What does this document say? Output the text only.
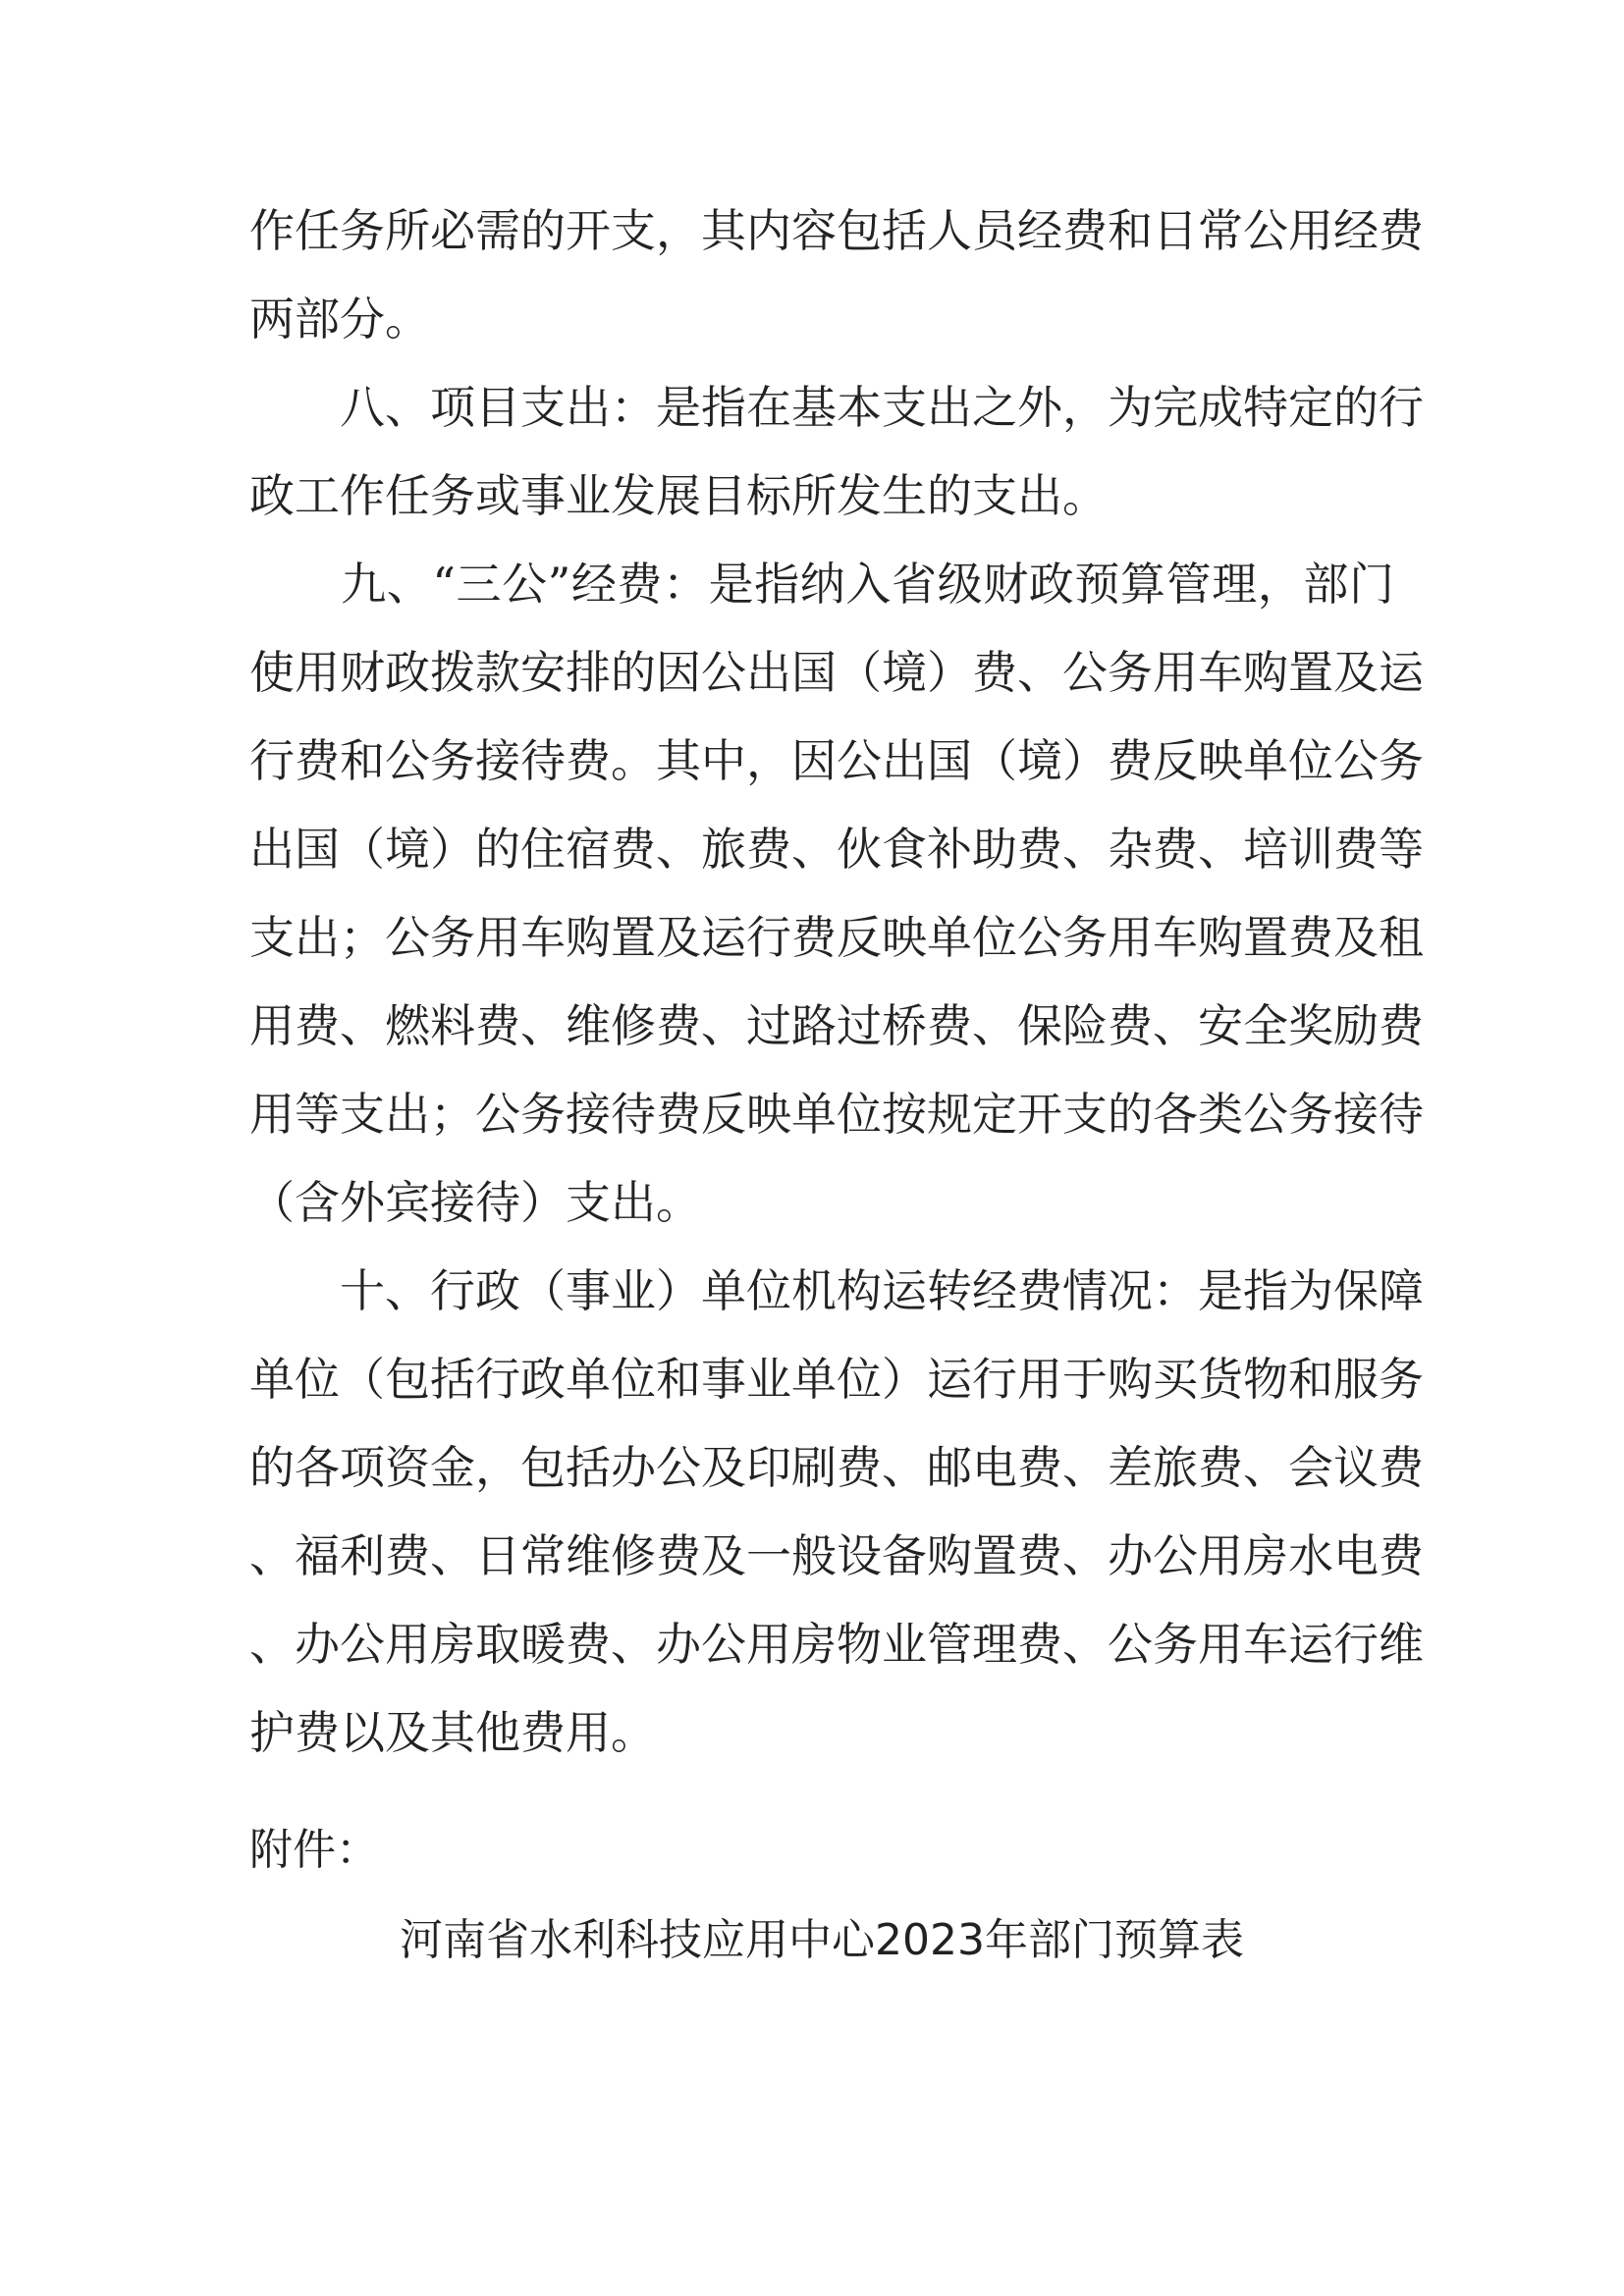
作任务所必需的开支，其内容包括人员经费和日常公用经费
两部分。
　　八、项目支出：是指在基本支出之外，为完成特定的行
政工作任务或事业发展目标所发生的支出。
　　九、“三公”经费：是指纳入省级财政预算管理，部门
使用财政拨款安排的因公出国（境）费、公务用车购置及运
行费和公务接待费。其中，因公出国（境）费反映单位公务
出国（境）的住宿费、旅费、伙食补助费、杂费、培训费等
支出；公务用车购置及运行费反映单位公务用车购置费及租
用费、燃料费、维修费、过路过桥费、保险费、安全奖励费
用等支出；公务接待费反映单位按规定开支的各类公务接待
（含外宾接待）支出。
　　十、行政（事业）单位机构运转经费情况：是指为保障
单位（包括行政单位和事业单位）运行用于购买货物和服务
的各项资金，包括办公及印刷费、邮电费、差旅费、会议费
、福利费、日常维修费及一般设备购置费、办公用房水电费
、办公用房取暖费、办公用房物业管理费、公务用车运行维
护费以及其他费用。
附件：
河南省水利科技应用中心2023年部门预算表
